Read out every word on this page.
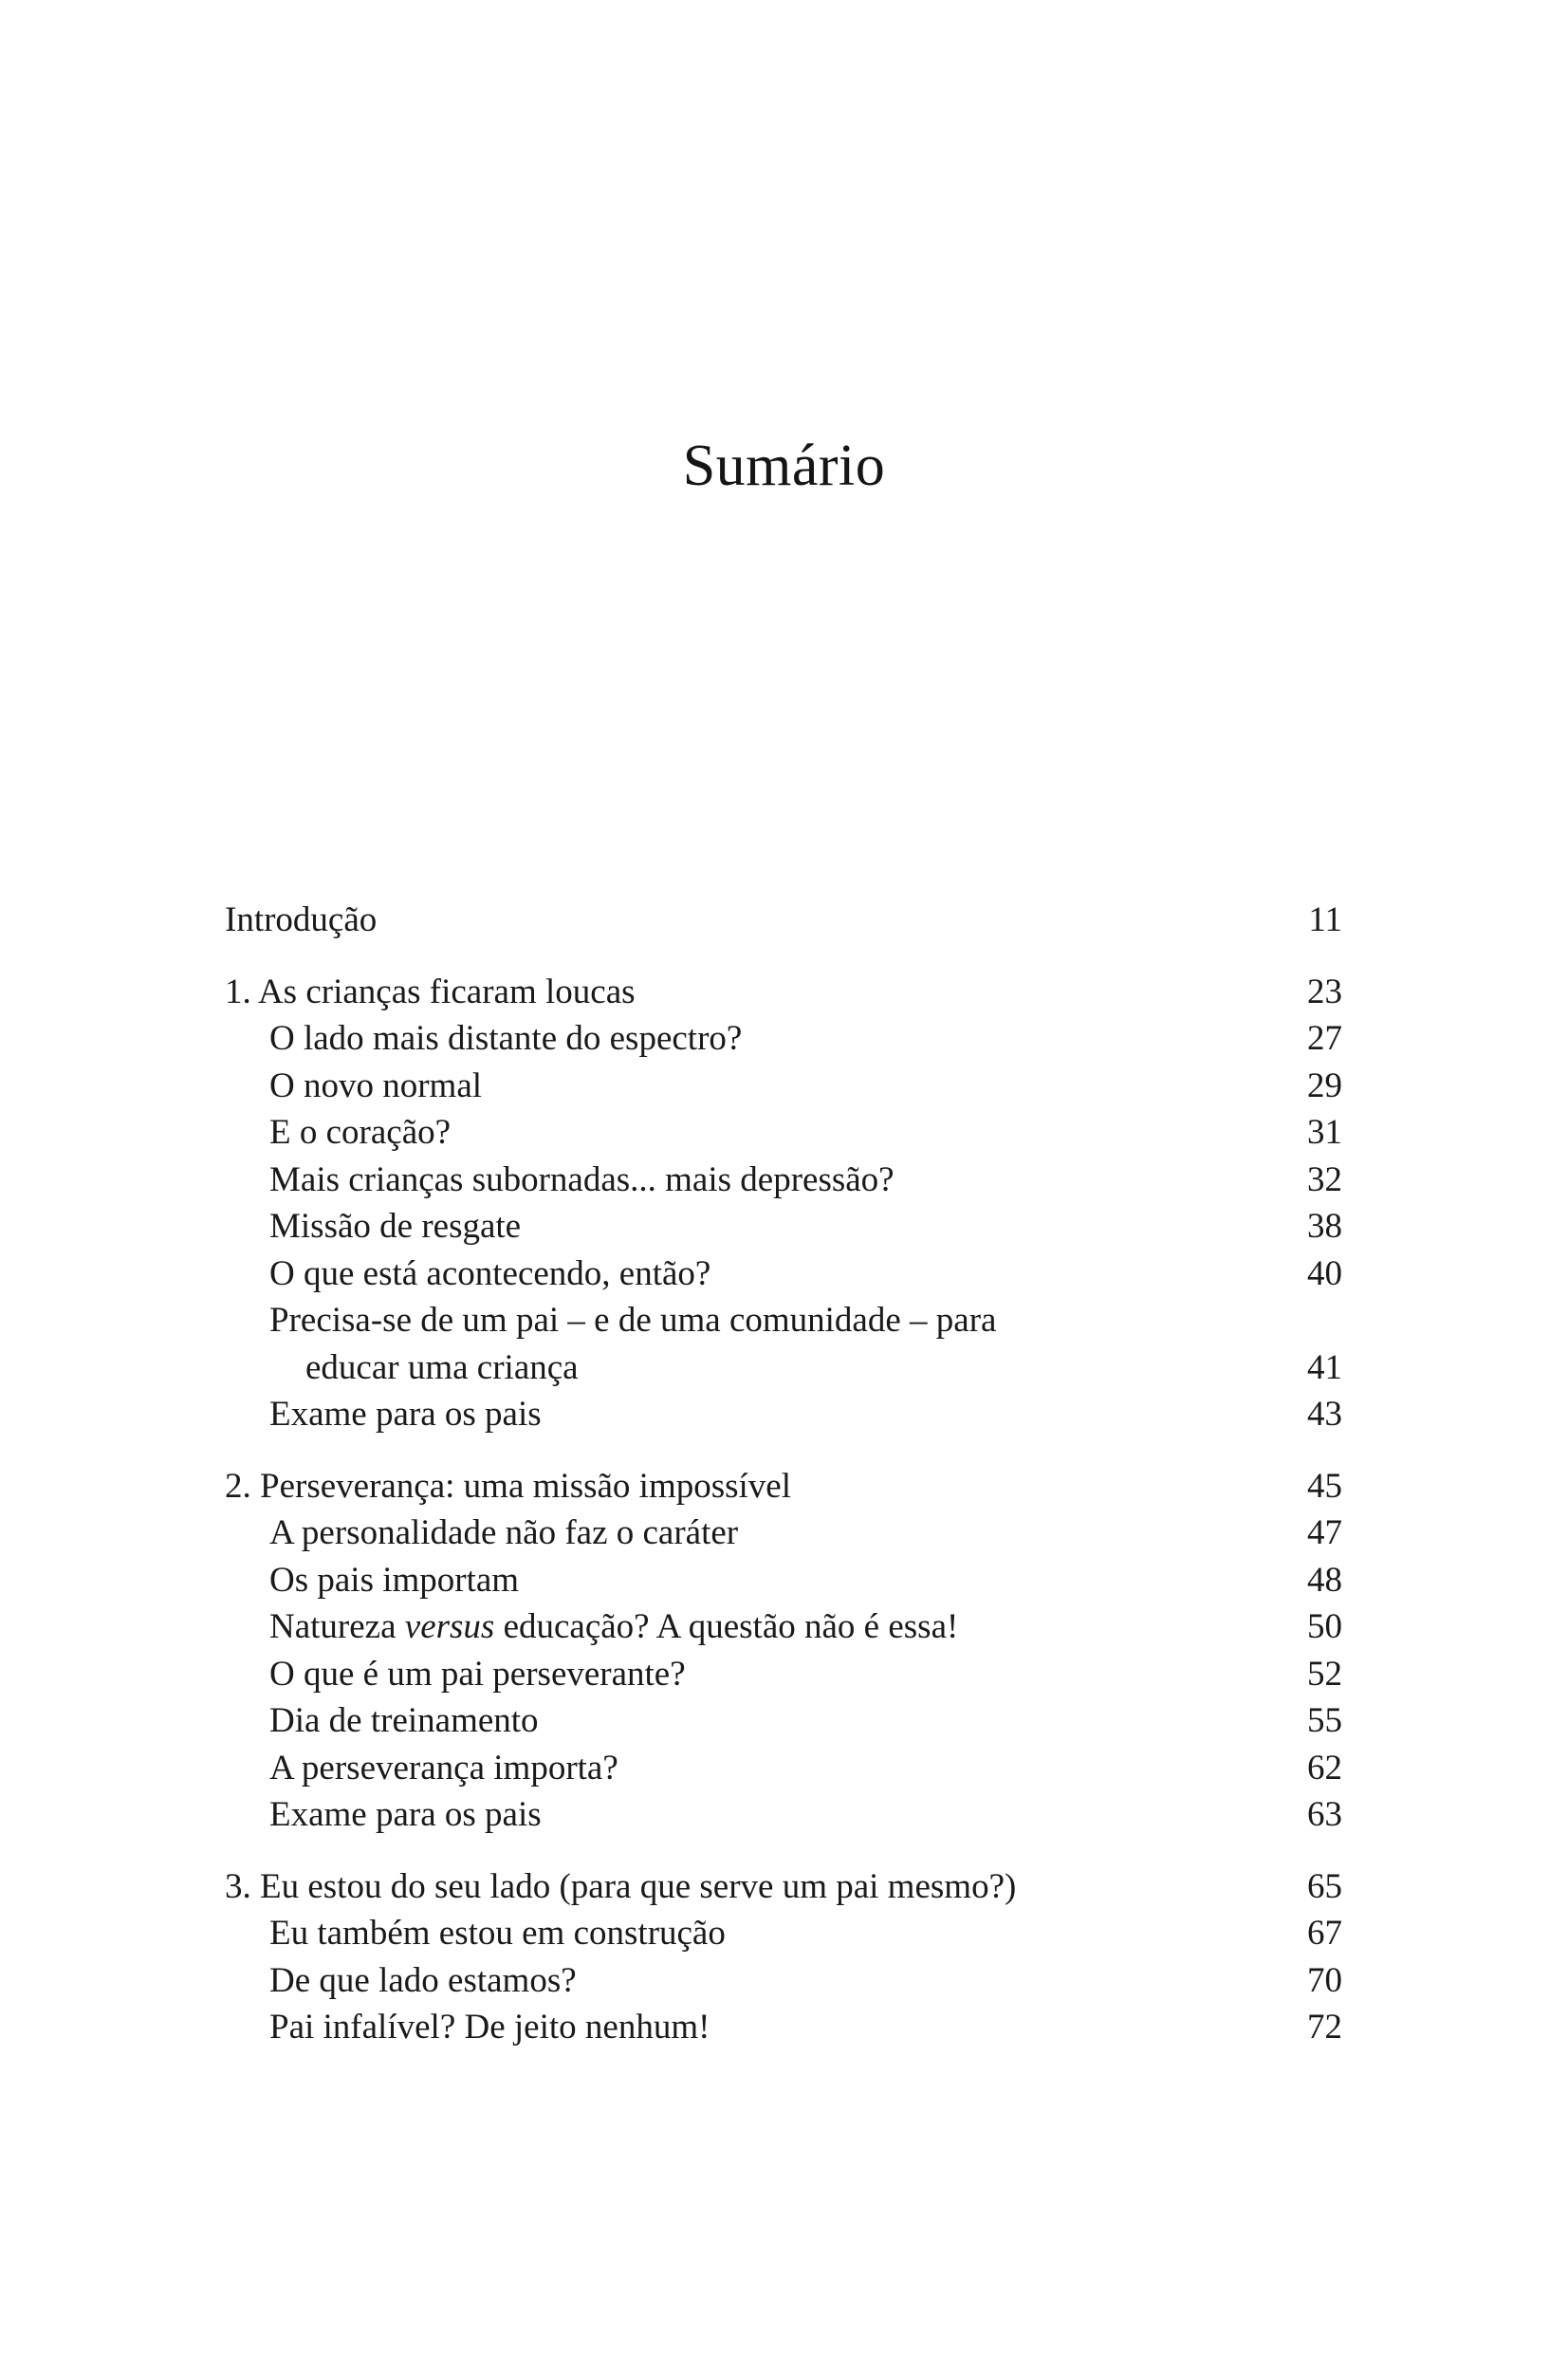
Sumário
Introdução	11
1. As crianças ficaram loucas	23
O lado mais distante do espectro?	27
O novo normal	29
E o coração?	31
Mais crianças subornadas... mais depressão?	32
Missão de resgate	38
O que está acontecendo, então?	40
Precisa-se de um pai – e de uma comunidade – para
educar uma criança	41
Exame para os pais	43
2. Perseverança: uma missão impossível	45
A personalidade não faz o caráter	47
Os pais importam	48
Natureza versus educação? A questão não é essa!	50
O que é um pai perseverante?	52
Dia de treinamento	55
A perseverança importa?	62
Exame para os pais	63
3. Eu estou do seu lado (para que serve um pai mesmo?)	65
Eu também estou em construção	67
De que lado estamos?	70
Pai infalível? De jeito nenhum!	72
